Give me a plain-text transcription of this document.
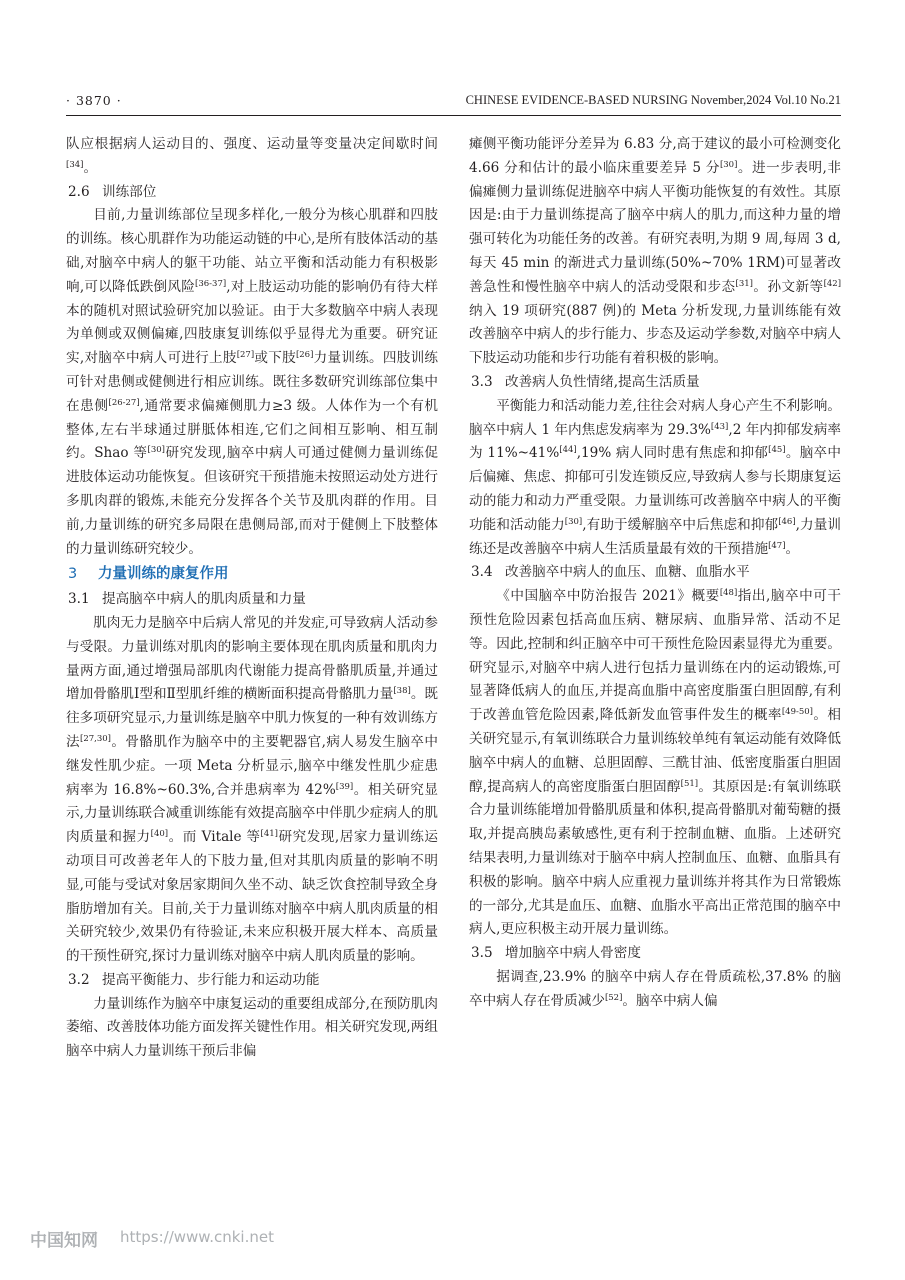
· 3870 ·	CHINESE EVIDENCE-BASED NURSING November,2024 Vol.10 No.21

队应根据病人运动目的、强度、运动量等变量决定间歇时间[34]。

2.6 训练部位

目前,力量训练部位呈现多样化,一般分为核心肌群和四肢的训练。核心肌群作为功能运动链的中心,是所有肢体活动的基础,对脑卒中病人的躯干功能、站立平衡和活动能力有积极影响,可以降低跌倒风险[36-37],对上肢运动功能的影响仍有待大样本的随机对照试验研究加以验证。由于大多数脑卒中病人表现为单侧或双侧偏瘫,四肢康复训练似乎显得尤为重要。研究证实,对脑卒中病人可进行上肢[27]或下肢[26]力量训练。四肢训练可针对患侧或健侧进行相应训练。既往多数研究训练部位集中在患侧[26-27],通常要求偏瘫侧肌力≥3 级。人体作为一个有机整体,左右半球通过胼胝体相连,它们之间相互影响、相互制约。Shao 等[30]研究发现,脑卒中病人可通过健侧力量训练促进肢体运动功能恢复。但该研究干预措施未按照运动处方进行多肌肉群的锻炼,未能充分发挥各个关节及肌肉群的作用。目前,力量训练的研究多局限在患侧局部,而对于健侧上下肢整体的力量训练研究较少。

3 力量训练的康复作用
3.1 提高脑卒中病人的肌肉质量和力量

肌肉无力是脑卒中后病人常见的并发症,可导致病人活动参与受限。力量训练对肌肉的影响主要体现在肌肉质量和肌肉力量两方面,通过增强局部肌肉代谢能力提高骨骼肌质量,并通过增加骨骼肌Ⅰ型和Ⅱ型肌纤维的横断面积提高骨骼肌力量[38]。既往多项研究显示,力量训练是脑卒中肌力恢复的一种有效训练方法[27,30]。骨骼肌作为脑卒中的主要靶器官,病人易发生脑卒中继发性肌少症。一项 Meta 分析显示,脑卒中继发性肌少症患病率为 16.8%~60.3%,合并患病率为 42%[39]。相关研究显示,力量训练联合减重训练能有效提高脑卒中伴肌少症病人的肌肉质量和握力[40]。而 Vitale 等[41]研究发现,居家力量训练运动项目可改善老年人的下肢力量,但对其肌肉质量的影响不明显,可能与受试对象居家期间久坐不动、缺乏饮食控制导致全身脂肪增加有关。目前,关于力量训练对脑卒中病人肌肉质量的相关研究较少,效果仍有待验证,未来应积极开展大样本、高质量的干预性研究,探讨力量训练对脑卒中病人肌肉质量的影响。

3.2 提高平衡能力、步行能力和运动功能

力量训练作为脑卒中康复运动的重要组成部分,在预防肌肉萎缩、改善肢体功能方面发挥关键性作用。相关研究发现,两组脑卒中病人力量训练干预后非偏

瘫侧平衡功能评分差异为 6.83 分,高于建议的最小可检测变化 4.66 分和估计的最小临床重要差异 5 分[30]。进一步表明,非偏瘫侧力量训练促进脑卒中病人平衡功能恢复的有效性。其原因是:由于力量训练提高了脑卒中病人的肌力,而这种力量的增强可转化为功能任务的改善。有研究表明,为期 9 周,每周 3 d,每天 45 min 的渐进式力量训练(50%~70% 1RM)可显著改善急性和慢性脑卒中病人的活动受限和步态[31]。孙文新等[42]纳入 19 项研究(887 例)的 Meta 分析发现,力量训练能有效改善脑卒中病人的步行能力、步态及运动学参数,对脑卒中病人下肢运动功能和步行功能有着积极的影响。

3.3 改善病人负性情绪,提高生活质量

平衡能力和活动能力差,往往会对病人身心产生不利影响。脑卒中病人 1 年内焦虑发病率为 29.3%[43],2 年内抑郁发病率为 11%~41%[44],19% 病人同时患有焦虑和抑郁[45]。脑卒中后偏瘫、焦虑、抑郁可引发连锁反应,导致病人参与长期康复运动的能力和动力严重受限。力量训练可改善脑卒中病人的平衡功能和活动能力[30],有助于缓解脑卒中后焦虑和抑郁[46],力量训练还是改善脑卒中病人生活质量最有效的干预措施[47]。

3.4 改善脑卒中病人的血压、血糖、血脂水平

《中国脑卒中防治报告 2021》概要[48]指出,脑卒中可干预性危险因素包括高血压病、糖尿病、血脂异常、活动不足等。因此,控制和纠正脑卒中可干预性危险因素显得尤为重要。研究显示,对脑卒中病人进行包括力量训练在内的运动锻炼,可显著降低病人的血压,并提高血脂中高密度脂蛋白胆固醇,有利于改善血管危险因素,降低新发血管事件发生的概率[49-50]。相关研究显示,有氧训练联合力量训练较单纯有氧运动能有效降低脑卒中病人的血糖、总胆固醇、三酰甘油、低密度脂蛋白胆固醇,提高病人的高密度脂蛋白胆固醇[51]。其原因是:有氧训练联合力量训练能增加骨骼肌质量和体积,提高骨骼肌对葡萄糖的摄取,并提高胰岛素敏感性,更有利于控制血糖、血脂。上述研究结果表明,力量训练对于脑卒中病人控制血压、血糖、血脂具有积极的影响。脑卒中病人应重视力量训练并将其作为日常锻炼的一部分,尤其是血压、血糖、血脂水平高出正常范围的脑卒中病人,更应积极主动开展力量训练。

3.5 增加脑卒中病人骨密度

据调查,23.9% 的脑卒中病人存在骨质疏松,37.8% 的脑卒中病人存在骨质减少[52]。脑卒中病人偏

中国知网 https://www.cnki.net
